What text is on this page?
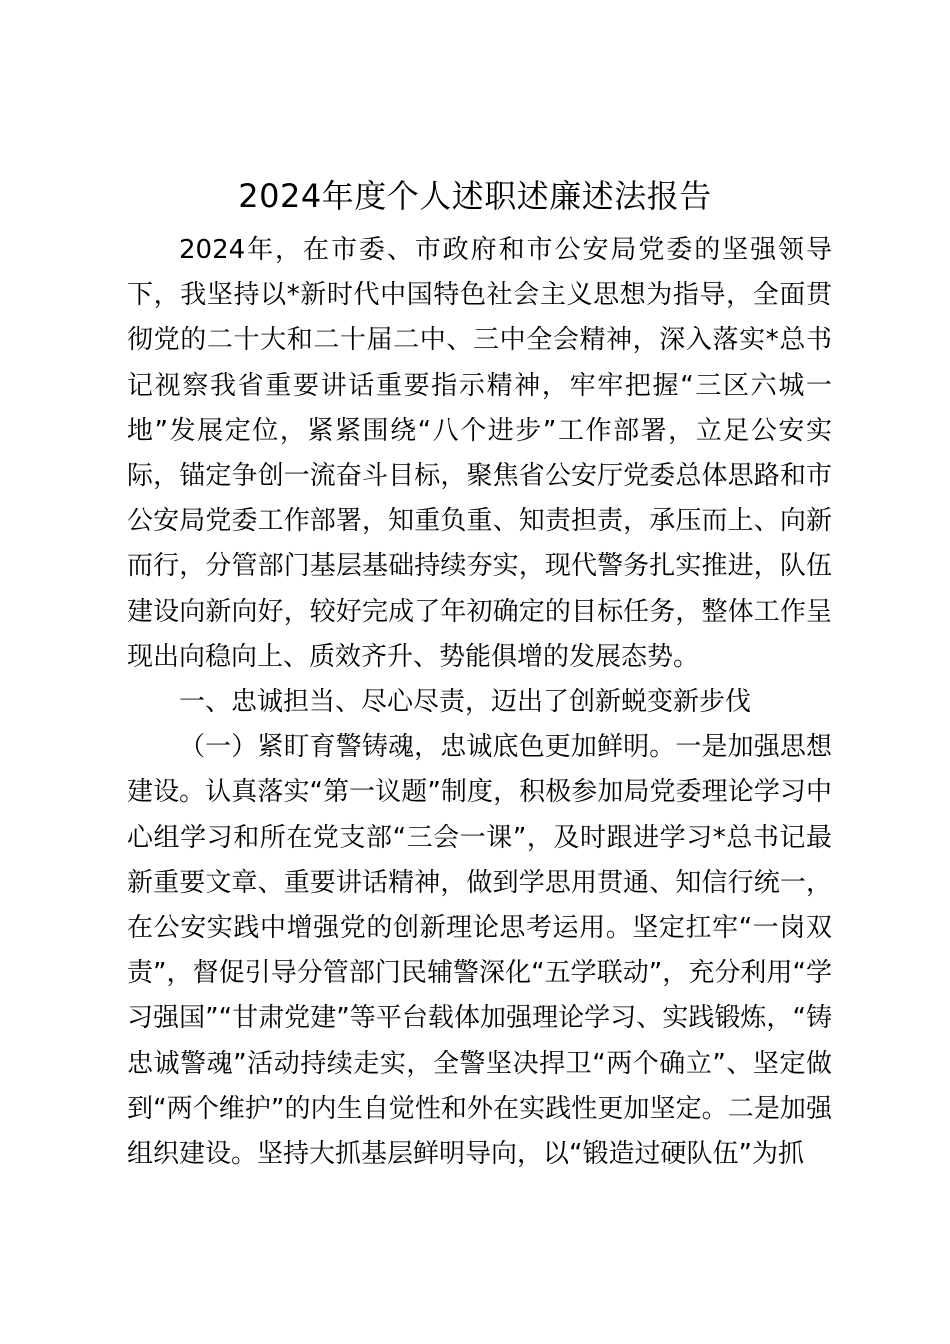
2024年度个人述职述廉述法报告

2024年，在市委、市政府和市公安局党委的坚强领导下，我坚持以*新时代中国特色社会主义思想为指导，全面贯彻党的二十大和二十届二中、三中全会精神，深入落实*总书记视察我省重要讲话重要指示精神，牢牢把握“三区六城一地”发展定位，紧紧围绕“八个进步”工作部署，立足公安实际，锚定争创一流奋斗目标，聚焦省公安厅党委总体思路和市公安局党委工作部署，知重负重、知责担责，承压而上、向新而行，分管部门基层基础持续夯实，现代警务扎实推进，队伍建设向新向好，较好完成了年初确定的目标任务，整体工作呈现出向稳向上、质效齐升、势能俱增的发展态势。

一、忠诚担当、尽心尽责，迈出了创新蜕变新步伐

（一）紧盯育警铸魂，忠诚底色更加鲜明。一是加强思想建设。认真落实“第一议题”制度，积极参加局党委理论学习中心组学习和所在党支部“三会一课”，及时跟进学习*总书记最新重要文章、重要讲话精神，做到学思用贯通、知信行统一，在公安实践中增强党的创新理论思考运用。坚定扛牢“一岗双责”，督促引导分管部门民辅警深化“五学联动”，充分利用“学习强国”“甘肃党建”等平台载体加强理论学习、实践锻炼，“铸忠诚警魂”活动持续走实，全警坚决捍卫“两个确立”、坚定做到“两个维护”的内生自觉性和外在实践性更加坚定。二是加强组织建设。坚持大抓基层鲜明导向，以“锻造过硬队伍”为抓
